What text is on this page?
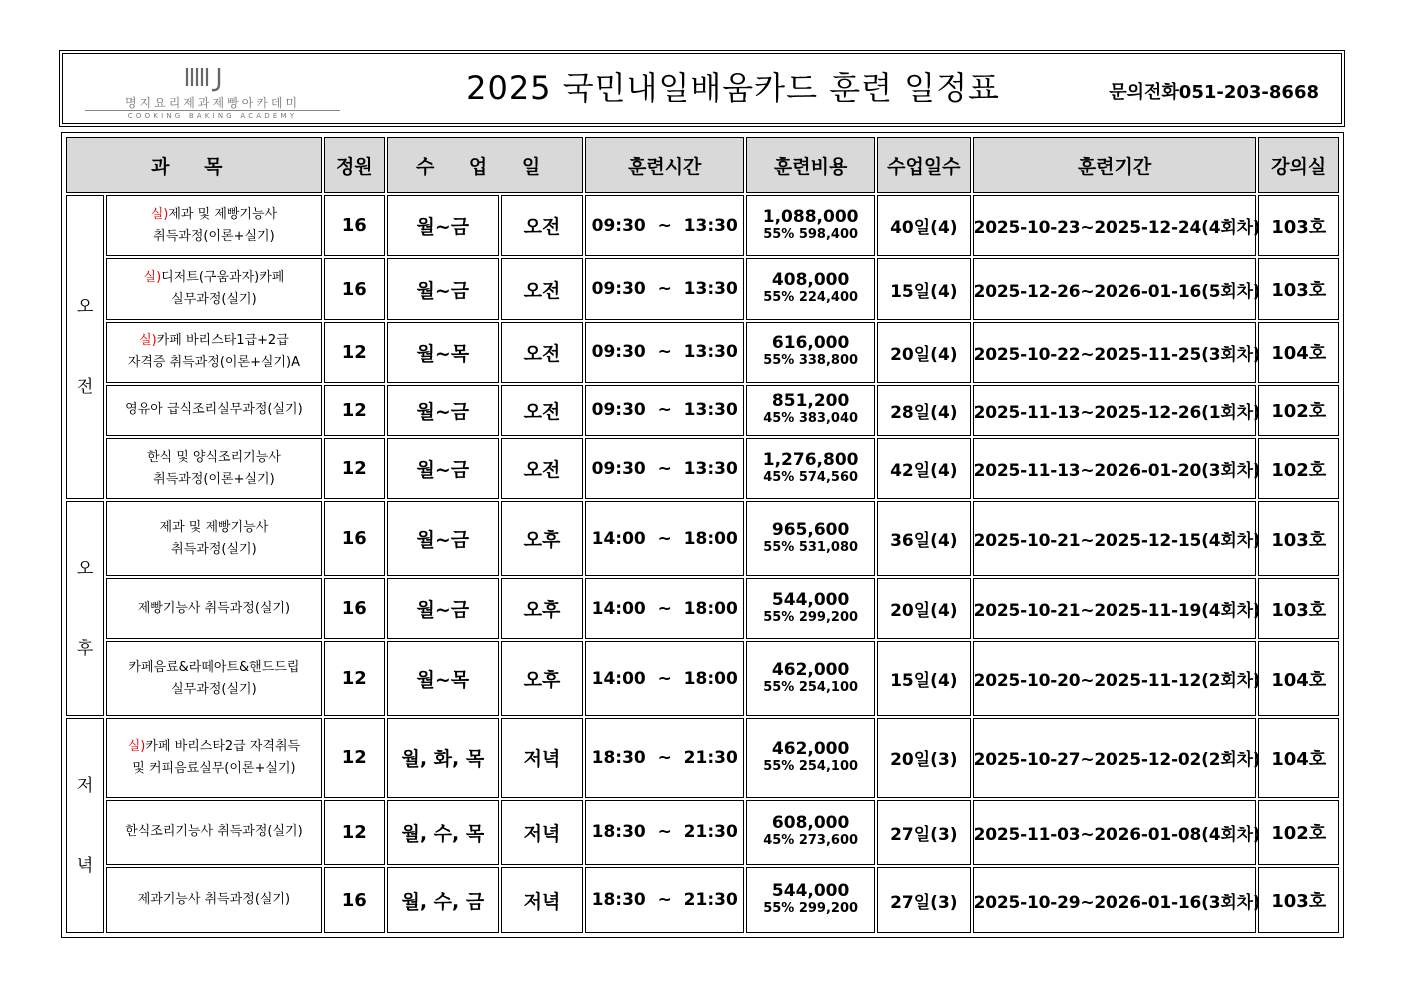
명지요리제과제빵아카데미
COOKING BAKING ACADEMY
2025 국민내일배움카드 훈련 일정표	문의전화051-203-8668
과 목		정원	수 업 일		훈련시간	훈련비용	수업일수	훈련기간	강의실

오
전	실)제과 및 제빵기능사
취득과정(이론+실기)	16	월~금	오전	09:30  ~  13:30	1,088,000
55% 598,400	40일(4)	2025-10-23~2025-12-24(4회차)	103호
	실)디저트(구움과자)카페
실무과정(실기)	16	월~금	오전	09:30  ~  13:30	408,000
55% 224,400	15일(4)	2025-12-26~2026-01-16(5회차)	103호
	실)카페 바리스타1급+2급
자격증 취득과정(이론+실기)A	12	월~목	오전	09:30  ~  13:30	616,000
55% 338,800	20일(4)	2025-10-22~2025-11-25(3회차)	104호
	영유아 급식조리실무과정(실기)	12	월~금	오전	09:30  ~  13:30	851,200
45% 383,040	28일(4)	2025-11-13~2025-12-26(1회차)	102호
	한식 및 양식조리기능사
취득과정(이론+실기)	12	월~금	오전	09:30  ~  13:30	1,276,800
45% 574,560	42일(4)	2025-11-13~2026-01-20(3회차)	102호

오
후	제과 및 제빵기능사
취득과정(실기)	16	월~금	오후	14:00  ~  18:00	965,600
55% 531,080	36일(4)	2025-10-21~2025-12-15(4회차)	103호
	제빵기능사 취득과정(실기)	16	월~금	오후	14:00  ~  18:00	544,000
55% 299,200	20일(4)	2025-10-21~2025-11-19(4회차)	103호
	카페음료&라떼아트&핸드드립
실무과정(실기)	12	월~목	오후	14:00  ~  18:00	462,000
55% 254,100	15일(4)	2025-10-20~2025-11-12(2회차)	104호

저
녁	실)카페 바리스타2급 자격취득
및 커피음료실무(이론+실기)	12	월, 화, 목	저녁	18:30  ~  21:30	462,000
55% 254,100	20일(3)	2025-10-27~2025-12-02(2회차)	104호
	한식조리기능사 취득과정(실기)	12	월, 수, 목	저녁	18:30  ~  21:30	608,000
45% 273,600	27일(3)	2025-11-03~2026-01-08(4회차)	102호
	제과기능사 취득과정(실기)	16	월, 수, 금	저녁	18:30  ~  21:30	544,000
55% 299,200	27일(3)	2025-10-29~2026-01-16(3회차)	103호
